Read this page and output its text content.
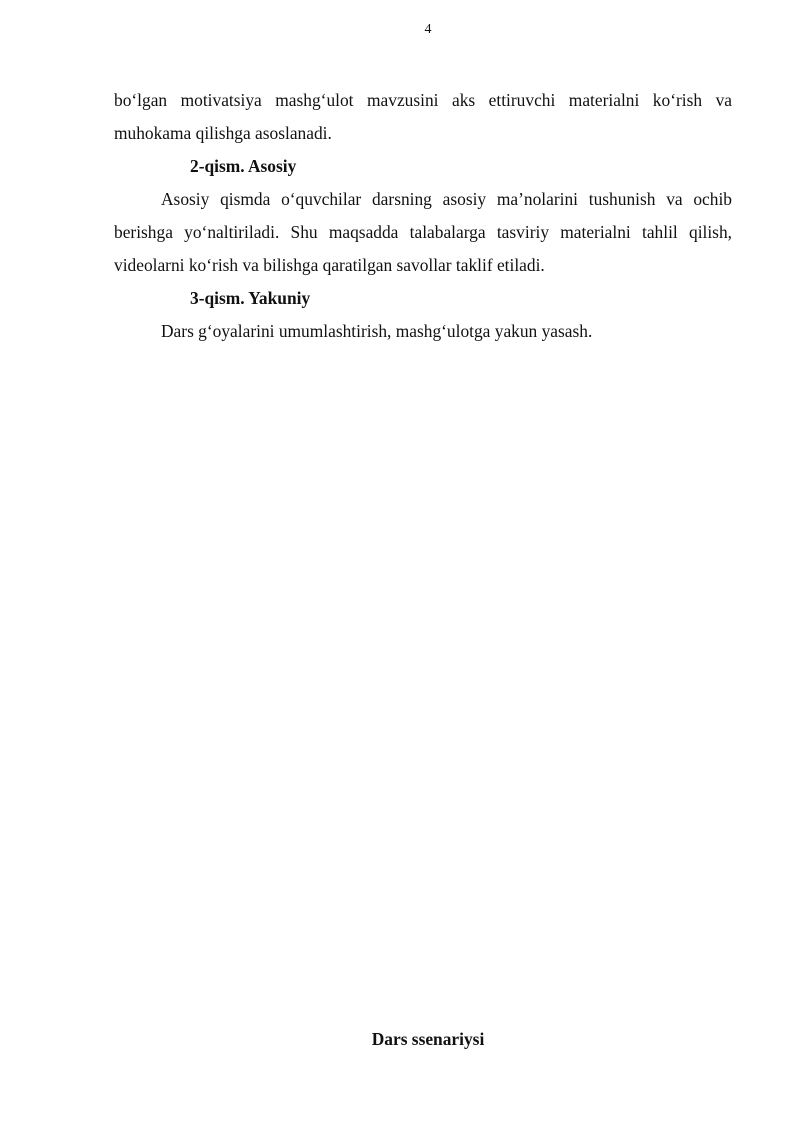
4

bo‘lgan motivatsiya mashg‘ulot mavzusini aks ettiruvchi materialni ko‘rish va muhokama qilishga asoslanadi.

2-qism. Asosiy

Asosiy qismda o‘quvchilar darsning asosiy ma’nolarini tushunish va ochib berishga yo‘naltiriladi. Shu maqsadda talabalarga tasviriy materialni tahlil qilish, videolarni ko‘rish va bilishga qaratilgan savollar taklif etiladi.

3-qism. Yakuniy

Dars g‘oyalarini umumlashtirish, mashg‘ulotga yakun yasash.

Dars ssenariysi
